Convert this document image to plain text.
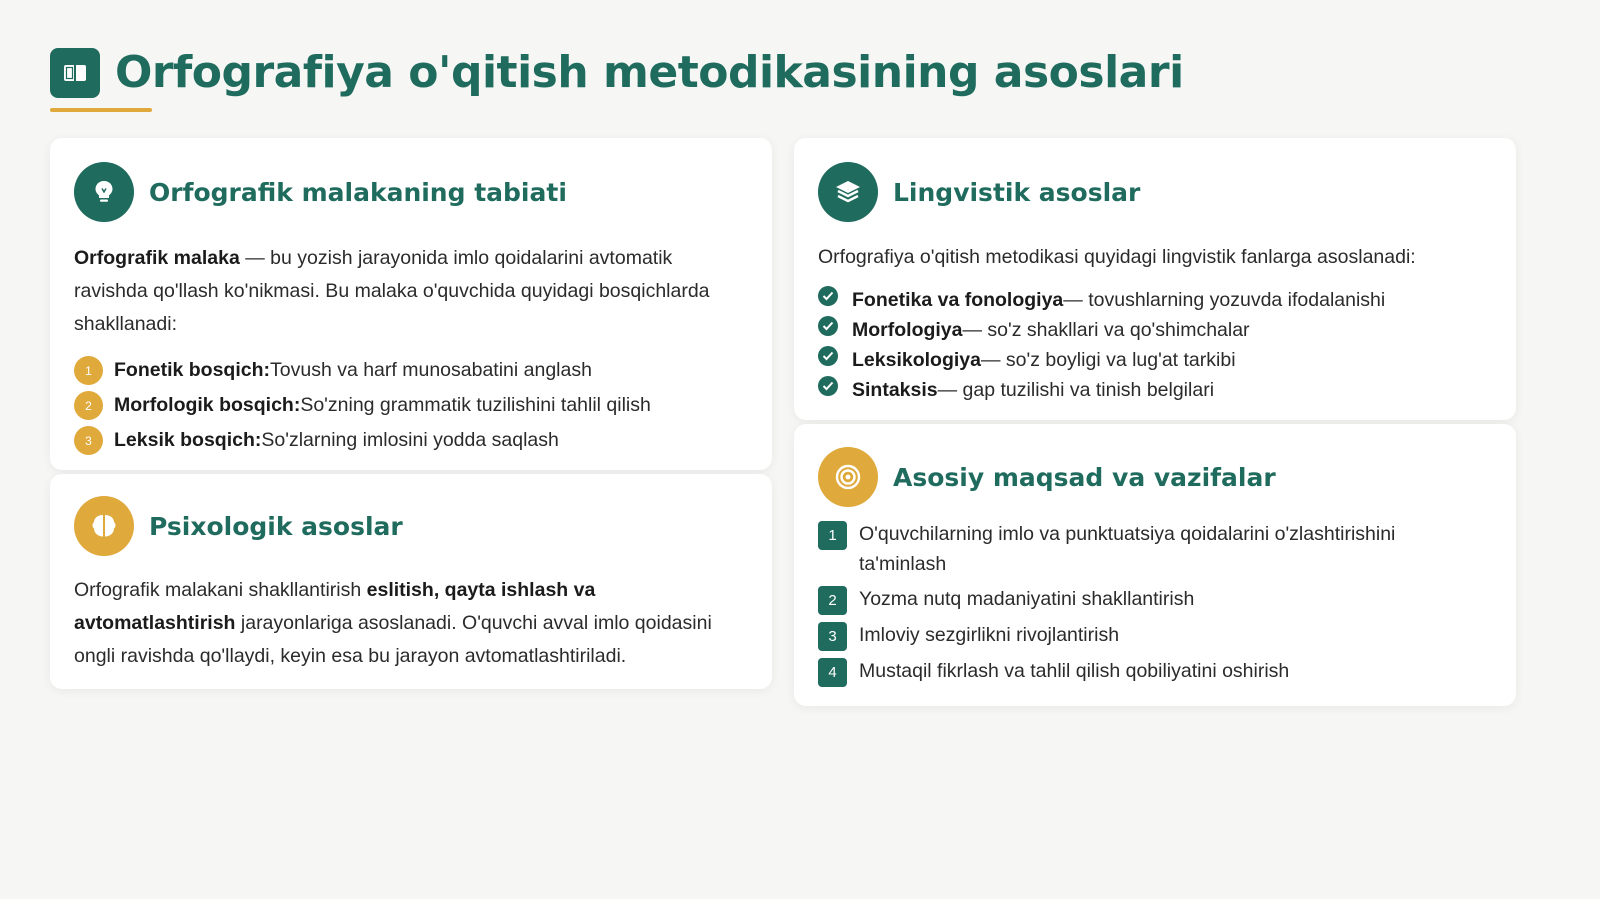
Orfografiya o'qitish metodikasining asoslari
Orfografik malakaning tabiati
Orfografik malaka — bu yozish jarayonida imlo qoidalarini avtomatik ravishda qo'llash ko'nikmasi. Bu malaka o'quvchida quyidagi bosqichlarda shakllanadi:
1	Fonetik bosqich: Tovush va harf munosabatini anglash
2	Morfologik bosqich: So'zning grammatik tuzilishini tahlil qilish
3	Leksik bosqich: So'zlarning imlosini yodda saqlash
Psixologik asoslar
Orfografik malakani shakllantirish eslitish, qayta ishlash va avtomatlashtirish jarayonlariga asoslanadi. O'quvchi avval imlo qoidasini ongli ravishda qo'llaydi, keyin esa bu jarayon avtomatlashtiriladi.
Lingvistik asoslar
Orfografiya o'qitish metodikasi quyidagi lingvistik fanlarga asoslanadi:
Fonetika va fonologiya — tovushlarning yozuvda ifodalanishi
Morfologiya — so'z shakllari va qo'shimchalar
Leksikologiya — so'z boyligi va lug'at tarkibi
Sintaksis — gap tuzilishi va tinish belgilari
Asosiy maqsad va vazifalar
1	O'quvchilarning imlo va punktuatsiya qoidalarini o'zlashtirishini ta'minlash
2	Yozma nutq madaniyatini shakllantirish
3	Imloviy sezgirlikni rivojlantirish
4	Mustaqil fikrlash va tahlil qilish qobiliyatini oshirish
